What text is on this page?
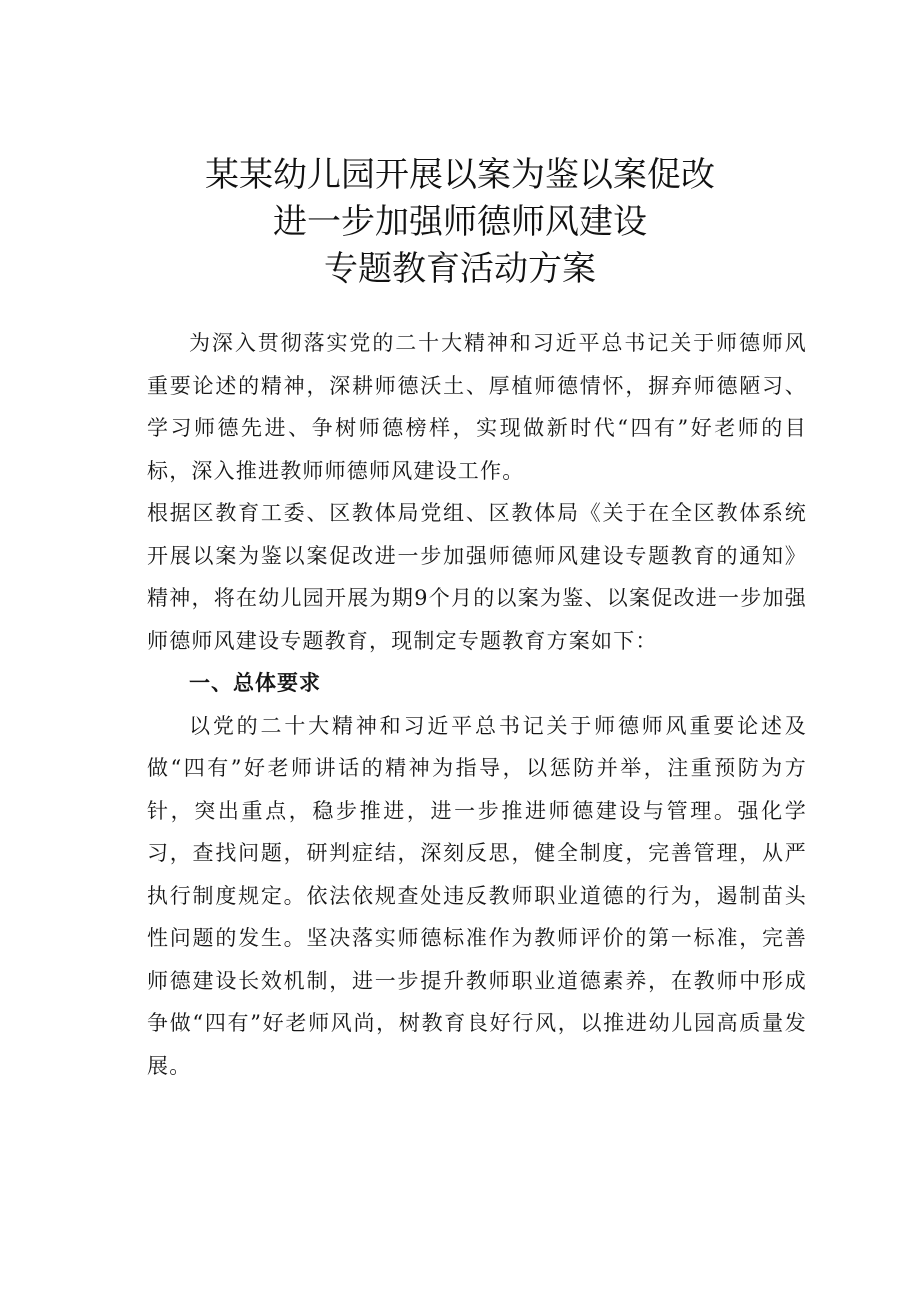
某某幼儿园开展以案为鉴以案促改
进一步加强师德师风建设
专题教育活动方案

为深入贯彻落实党的二十大精神和习近平总书记关于师德师风重要论述的精神，深耕师德沃土、厚植师德情怀，摒弃师德陋习、学习师德先进、争树师德榜样，实现做新时代“四有”好老师的目标，深入推进教师师德师风建设工作。

根据区教育工委、区教体局党组、区教体局《关于在全区教体系统开展以案为鉴以案促改进一步加强师德师风建设专题教育的通知》精神，将在幼儿园开展为期9个月的以案为鉴、以案促改进一步加强师德师风建设专题教育，现制定专题教育方案如下：

一、总体要求

以党的二十大精神和习近平总书记关于师德师风重要论述及做“四有”好老师讲话的精神为指导，以惩防并举，注重预防为方针，突出重点，稳步推进，进一步推进师德建设与管理。强化学习，查找问题，研判症结，深刻反思，健全制度，完善管理，从严执行制度规定。依法依规查处违反教师职业道德的行为，遏制苗头性问题的发生。坚决落实师德标准作为教师评价的第一标准，完善师德建设长效机制，进一步提升教师职业道德素养，在教师中形成争做“四有”好老师风尚，树教育良好行风，以推进幼儿园高质量发展。
